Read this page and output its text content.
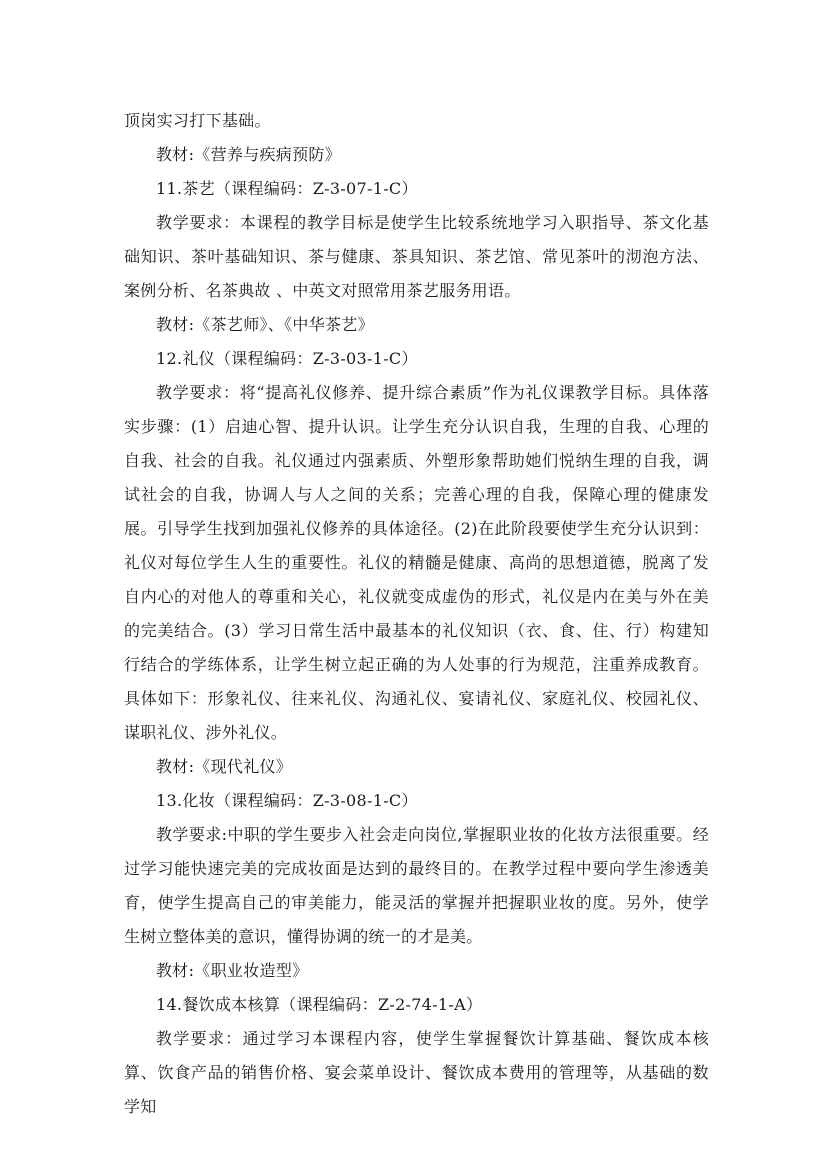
顶岗实习打下基础。

教材:《营养与疾病预防》

11.茶艺（课程编码：Z-3-07-1-C）

教学要求：本课程的教学目标是使学生比较系统地学习入职指导、茶文化基础知识、茶叶基础知识、茶与健康、茶具知识、茶艺馆、常见茶叶的沏泡方法、案例分析、名茶典故 、中英文对照常用茶艺服务用语。

教材:《茶艺师》、《中华茶艺》

12.礼仪（课程编码：Z-3-03-1-C）

教学要求：将“提高礼仪修养、提升综合素质”作为礼仪课教学目标。具体落实步骤：(1）启迪心智、提升认识。让学生充分认识自我，生理的自我、心理的自我、社会的自我。礼仪通过内强素质、外塑形象帮助她们悦纳生理的自我，调试社会的自我，协调人与人之间的关系；完善心理的自我，保障心理的健康发展。引导学生找到加强礼仪修养的具体途径。(2)在此阶段要使学生充分认识到：礼仪对每位学生人生的重要性。礼仪的精髓是健康、高尚的思想道德，脱离了发自内心的对他人的尊重和关心，礼仪就变成虚伪的形式，礼仪是内在美与外在美的完美结合。(3）学习日常生活中最基本的礼仪知识（衣、食、住、行）构建知行结合的学练体系，让学生树立起正确的为人处事的行为规范，注重养成教育。具体如下：形象礼仪、往来礼仪、沟通礼仪、宴请礼仪、家庭礼仪、校园礼仪、谋职礼仪、涉外礼仪。

教材:《现代礼仪》

13.化妆（课程编码：Z-3-08-1-C）

教学要求:中职的学生要步入社会走向岗位,掌握职业妆的化妆方法很重要。经过学习能快速完美的完成妆面是达到的最终目的。在教学过程中要向学生渗透美育，使学生提高自己的审美能力，能灵活的掌握并把握职业妆的度。另外，使学生树立整体美的意识，懂得协调的统一的才是美。

教材:《职业妆造型》

14.餐饮成本核算（课程编码：Z-2-74-1-A）

教学要求：通过学习本课程内容，使学生掌握餐饮计算基础、餐饮成本核算、饮食产品的销售价格、宴会菜单设计、餐饮成本费用的管理等，从基础的数学知
